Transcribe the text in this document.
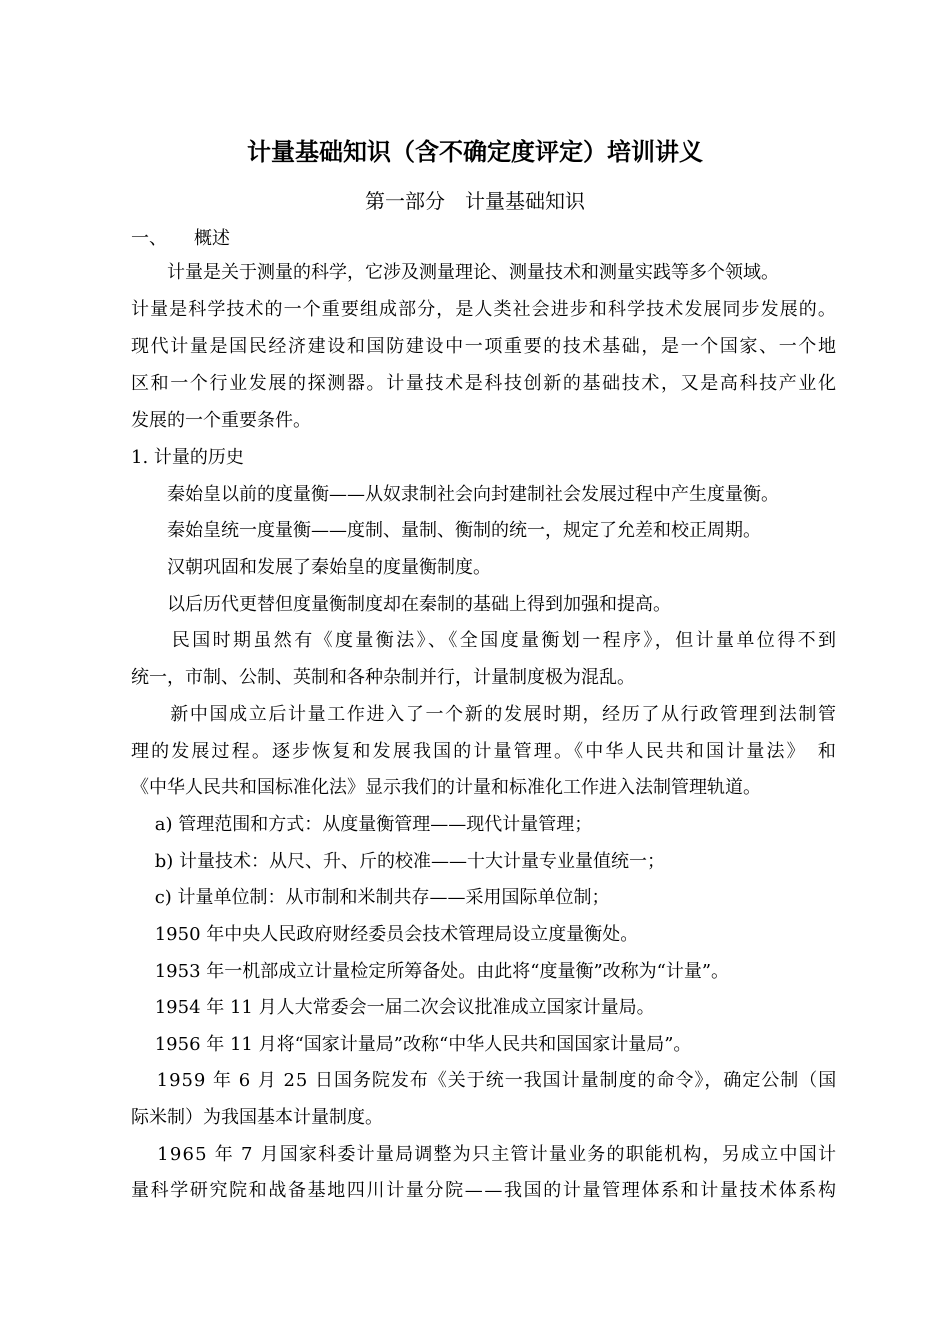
计量基础知识（含不确定度评定）培训讲义
第一部分　计量基础知识
一、　　概述
　　计量是关于测量的科学，它涉及测量理论、测量技术和测量实践等多个领域。
计量是科学技术的一个重要组成部分，是人类社会进步和科学技术发展同步发展的。
现代计量是国民经济建设和国防建设中一项重要的技术基础，是一个国家、一个地
区和一个行业发展的探测器。计量技术是科技创新的基础技术，又是高科技产业化
发展的一个重要条件。
1. 计量的历史
　　秦始皇以前的度量衡——从奴隶制社会向封建制社会发展过程中产生度量衡。
　　秦始皇统一度量衡——度制、量制、衡制的统一，规定了允差和校正周期。
　　汉朝巩固和发展了秦始皇的度量衡制度。
　　以后历代更替但度量衡制度却在秦制的基础上得到加强和提高。
　　民国时期虽然有《度量衡法》、《全国度量衡划一程序》，但计量单位得不到
统一，市制、公制、英制和各种杂制并行，计量制度极为混乱。
　　新中国成立后计量工作进入了一个新的发展时期，经历了从行政管理到法制管
理的发展过程。逐步恢复和发展我国的计量管理。《中华人民共和国计量法》　和
《中华人民共和国标准化法》显示我们的计量和标准化工作进入法制管理轨道。
　 a) 管理范围和方式：从度量衡管理——现代计量管理；
　 b) 计量技术：从尺、升、斤的校准——十大计量专业量值统一；
　 c) 计量单位制：从市制和米制共存——采用国际单位制；
　 1950 年中央人民政府财经委员会技术管理局设立度量衡处。
　 1953 年一机部成立计量检定所筹备处。由此将“度量衡”改称为“计量”。
　 1954 年 11 月人大常委会一届二次会议批准成立国家计量局。
　 1956 年 11 月将“国家计量局”改称“中华人民共和国国家计量局”。
　 1959 年 6 月 25 日国务院发布《关于统一我国计量制度的命令》，确定公制（国
际米制）为我国基本计量制度。
　 1965 年 7 月国家科委计量局调整为只主管计量业务的职能机构，另成立中国计
量科学研究院和战备基地四川计量分院——我国的计量管理体系和计量技术体系构
